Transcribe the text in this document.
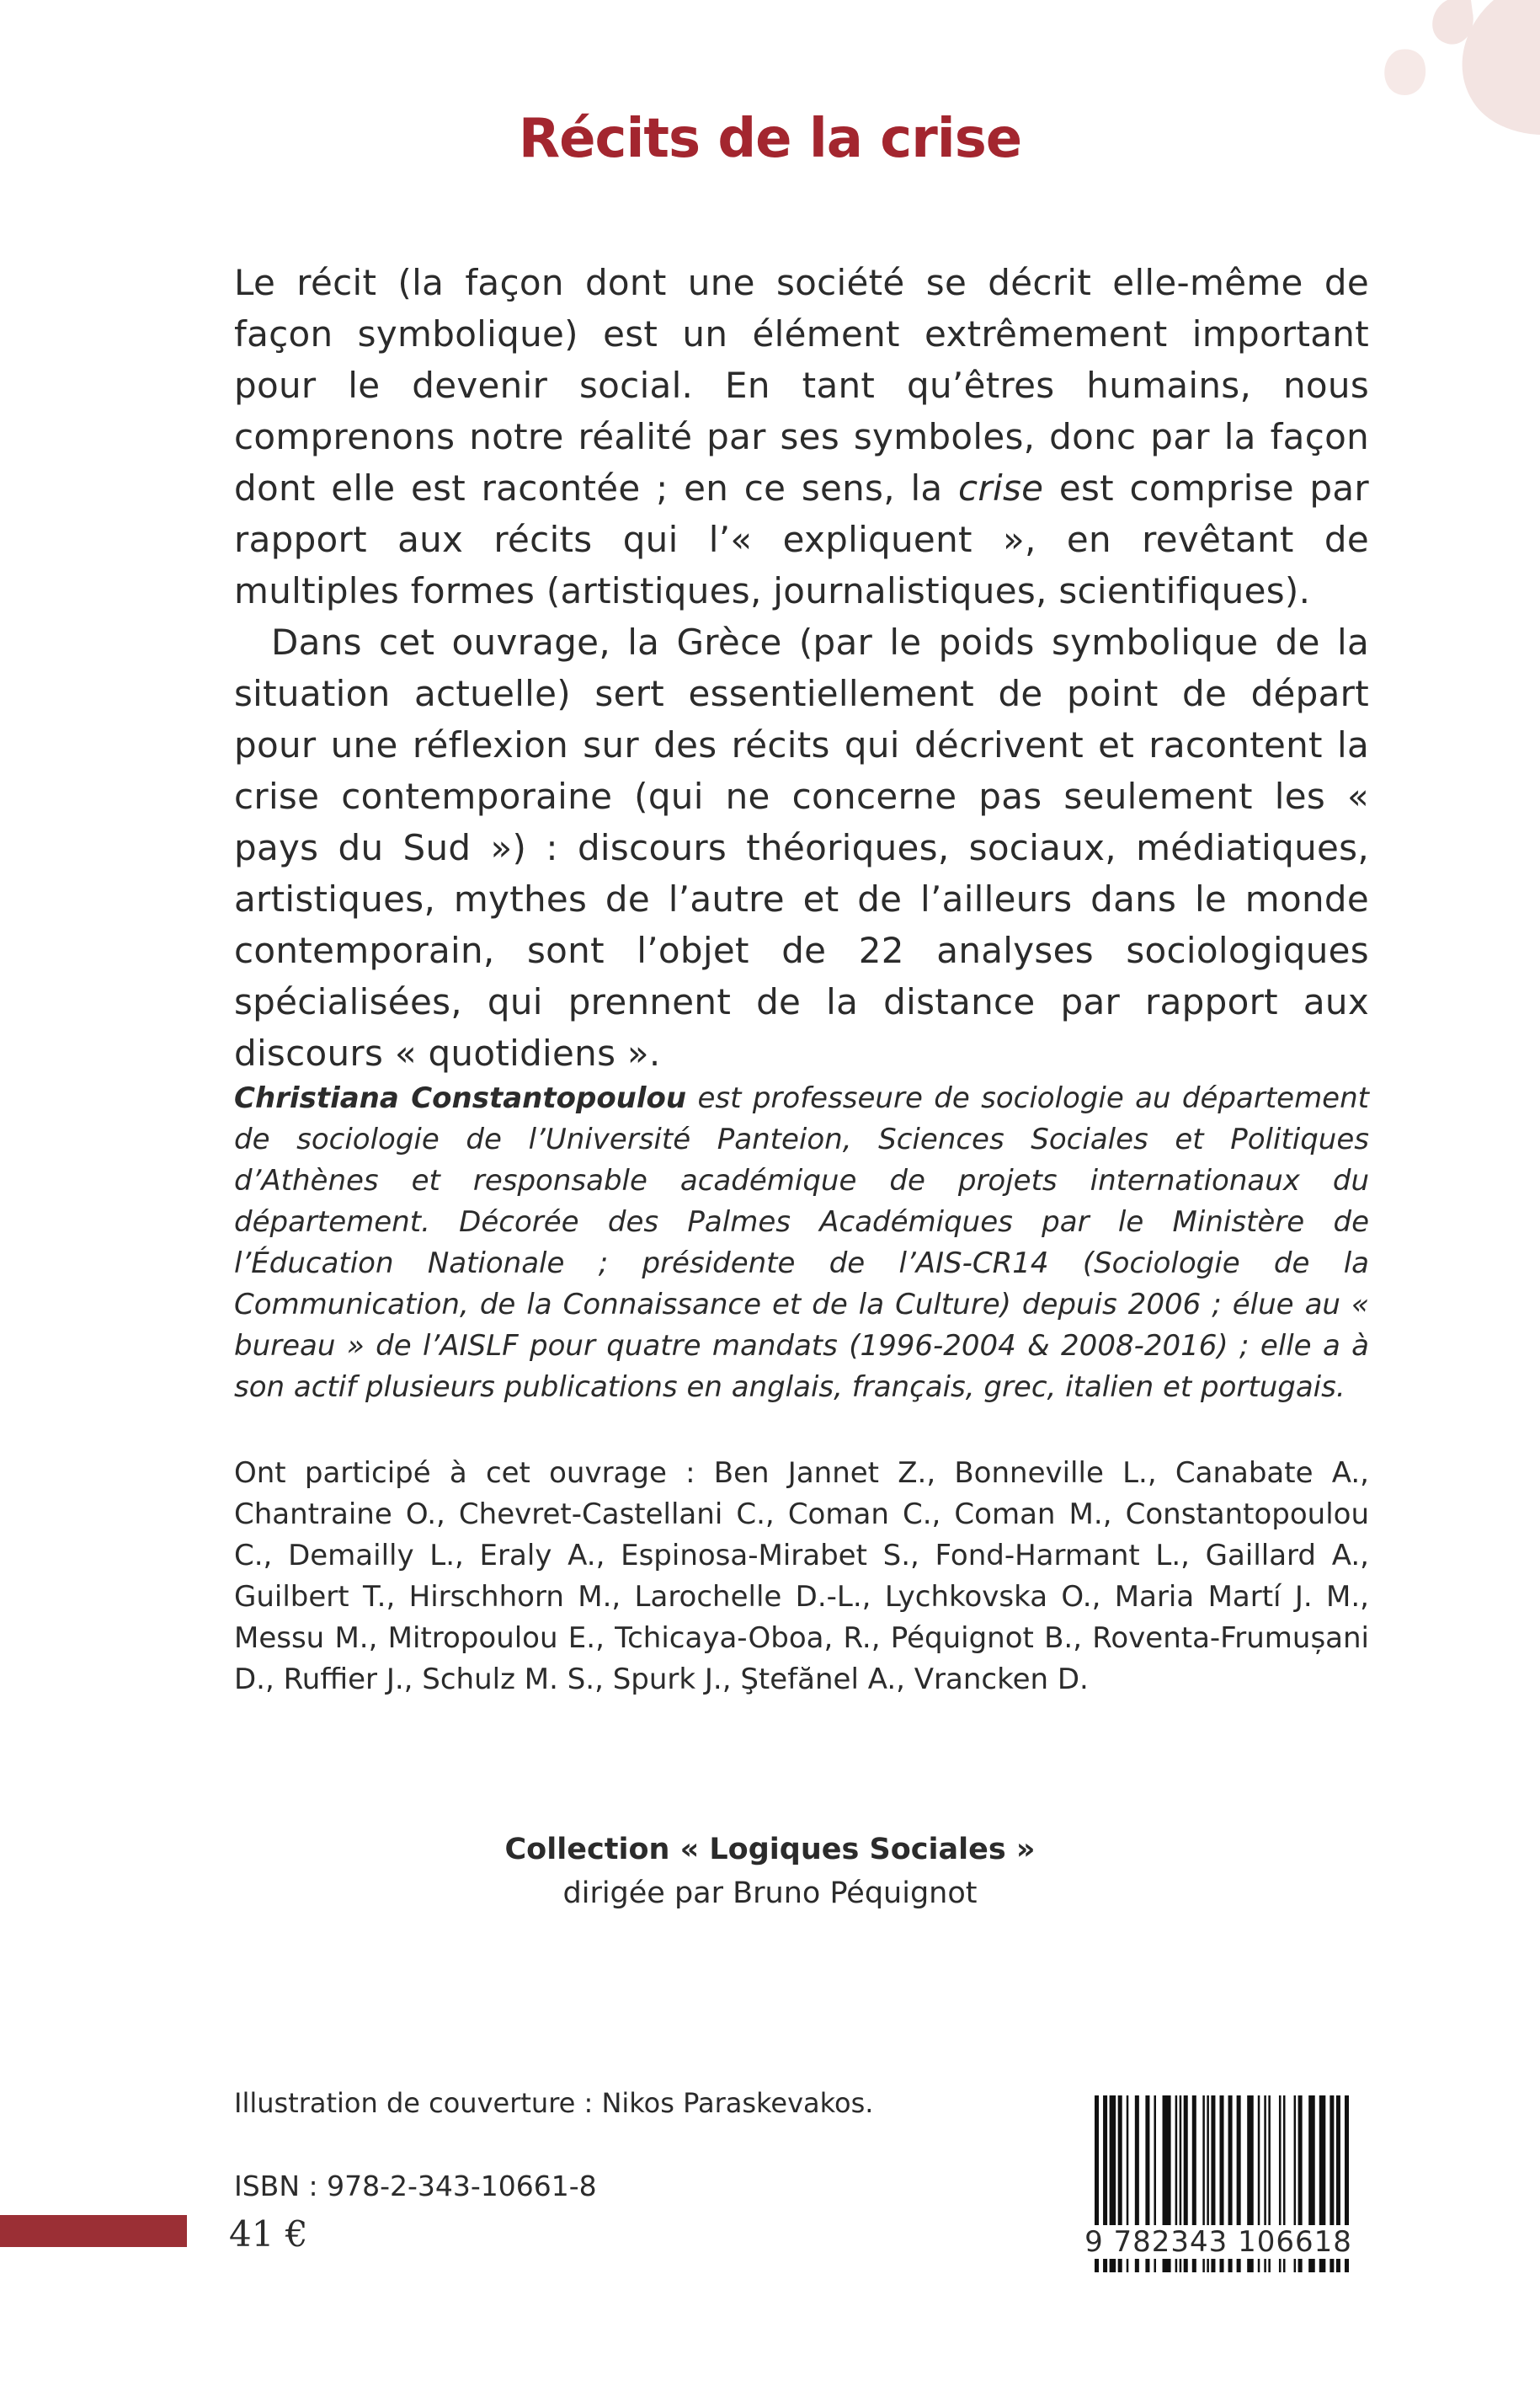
Récits de la crise

Le récit (la façon dont une société se décrit elle-même de façon symbolique) est un élément extrêmement important pour le devenir social. En tant qu’êtres humains, nous comprenons notre réalité par ses symboles, donc par la façon dont elle est racontée ; en ce sens, la crise est comprise par rapport aux récits qui l’« expliquent », en revêtant de multiples formes (artistiques, journalistiques, scientifiques).

Dans cet ouvrage, la Grèce (par le poids symbolique de la situation actuelle) sert essentiellement de point de départ pour une réflexion sur des récits qui décrivent et racontent la crise contemporaine (qui ne concerne pas seulement les « pays du Sud ») : discours théoriques, sociaux, médiatiques, artistiques, mythes de l’autre et de l’ailleurs dans le monde contemporain, sont l’objet de 22 analyses sociologiques spécialisées, qui prennent de la distance par rapport aux discours « quotidiens ».

Christiana Constantopoulou est professeure de sociologie au département de sociologie de l’Université Panteion, Sciences Sociales et Politiques d’Athènes et responsable académique de projets internationaux du département. Décorée des Palmes Académiques par le Ministère de l’Éducation Nationale ; présidente de l’AIS-CR14 (Sociologie de la Communication, de la Connaissance et de la Culture) depuis 2006 ; élue au « bureau » de l’AISLF pour quatre mandats (1996-2004 & 2008-2016) ; elle a à son actif plusieurs publications en anglais, français, grec, italien et portugais.

Ont participé à cet ouvrage : Ben Jannet Z., Bonneville L., Canabate A., Chantraine O., Chevret-Castellani C., Coman C., Coman M., Constantopoulou C., Demailly L., Eraly A., Espinosa-Mirabet S., Fond-Harmant L., Gaillard A., Guilbert T., Hirschhorn M., Larochelle D.-L., Lychkovska O., Maria Martí J. M., Messu M., Mitropoulou E., Tchicaya-Oboa, R., Péquignot B., Roventa-Frumușani D., Ruffier J., Schulz M. S., Spurk J., Ştefănel A., Vrancken D.

Collection « Logiques Sociales »
dirigée par Bruno Péquignot
Illustration de couverture : Nikos Paraskevakos.
ISBN : 978-2-343-10661-8
41 €	9 782343 106618
